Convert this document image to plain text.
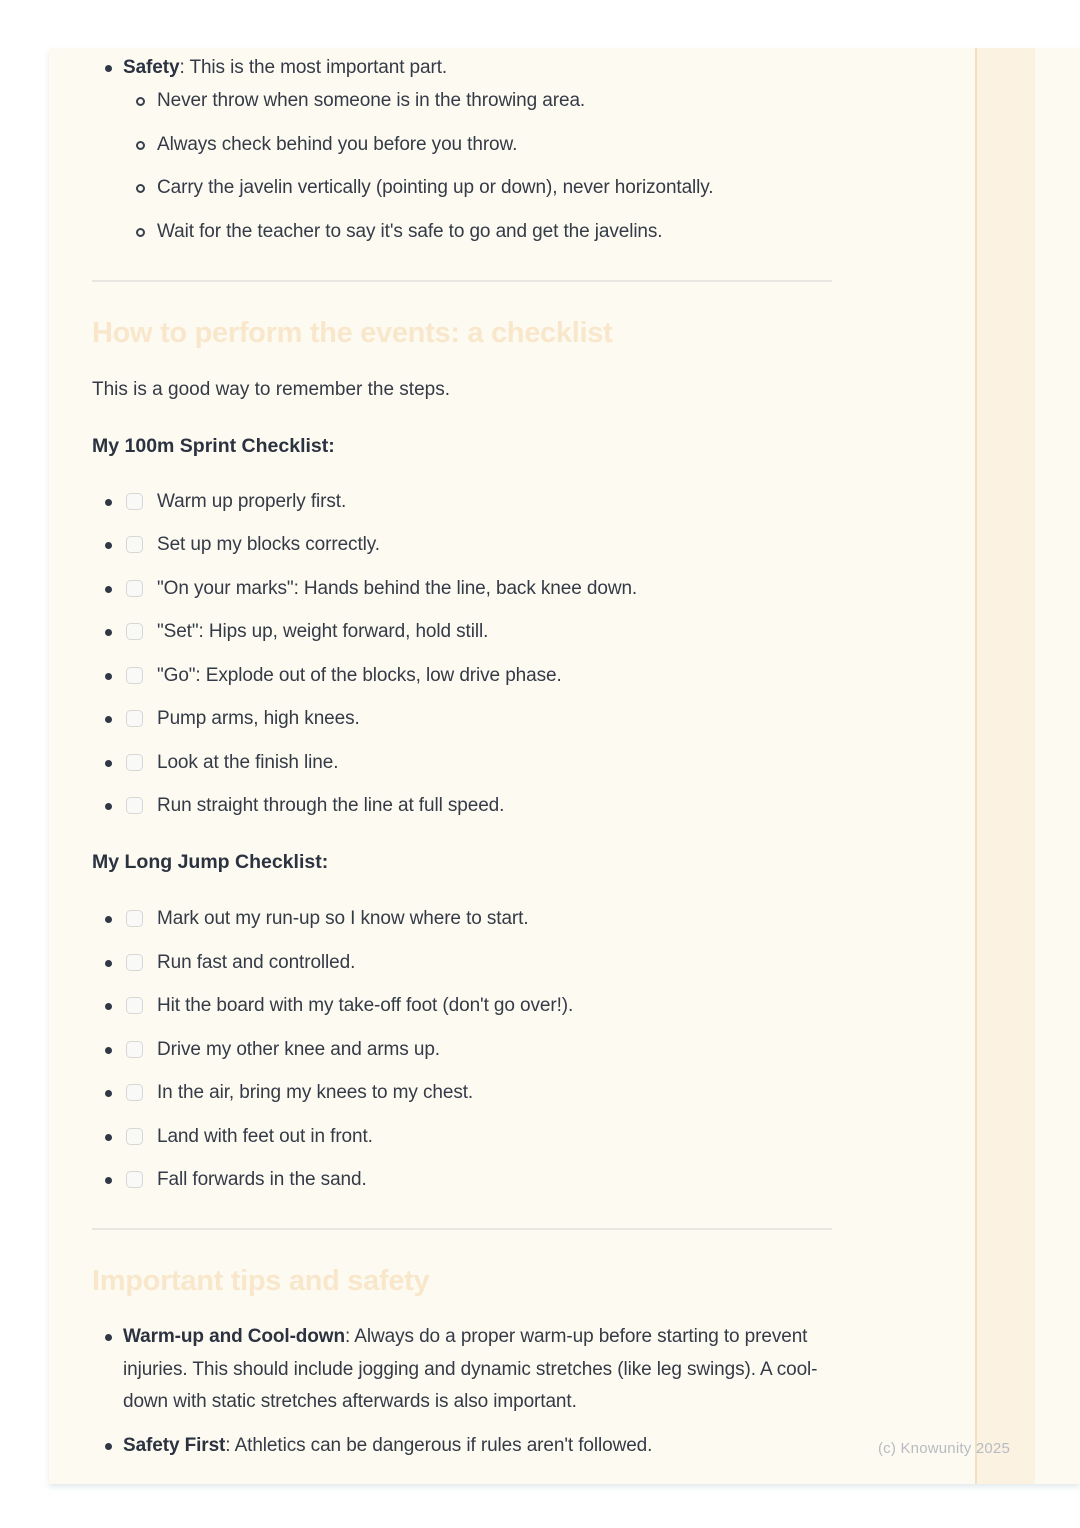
Safety: This is the most important part.
Never throw when someone is in the throwing area.
Always check behind you before you throw.
Carry the javelin vertically (pointing up or down), never horizontally.
Wait for the teacher to say it's safe to go and get the javelins.
How to perform the events: a checklist

This is a good way to remember the steps.

My 100m Sprint Checklist:

Warm up properly first.
Set up my blocks correctly.
"On your marks": Hands behind the line, back knee down.
"Set": Hips up, weight forward, hold still.
"Go": Explode out of the blocks, low drive phase.
Pump arms, high knees.
Look at the finish line.
Run straight through the line at full speed.

My Long Jump Checklist:

Mark out my run-up so I know where to start.
Run fast and controlled.
Hit the board with my take-off foot (don't go over!).
Drive my other knee and arms up.
In the air, bring my knees to my chest.
Land with feet out in front.
Fall forwards in the sand.
Important tips and safety
Warm-up and Cool-down: Always do a proper warm-up before starting to prevent injuries. This should include jogging and dynamic stretches (like leg swings). A cool-down with static stretches afterwards is also important.
Safety First: Athletics can be dangerous if rules aren't followed.	(c) Knowunity 2025
